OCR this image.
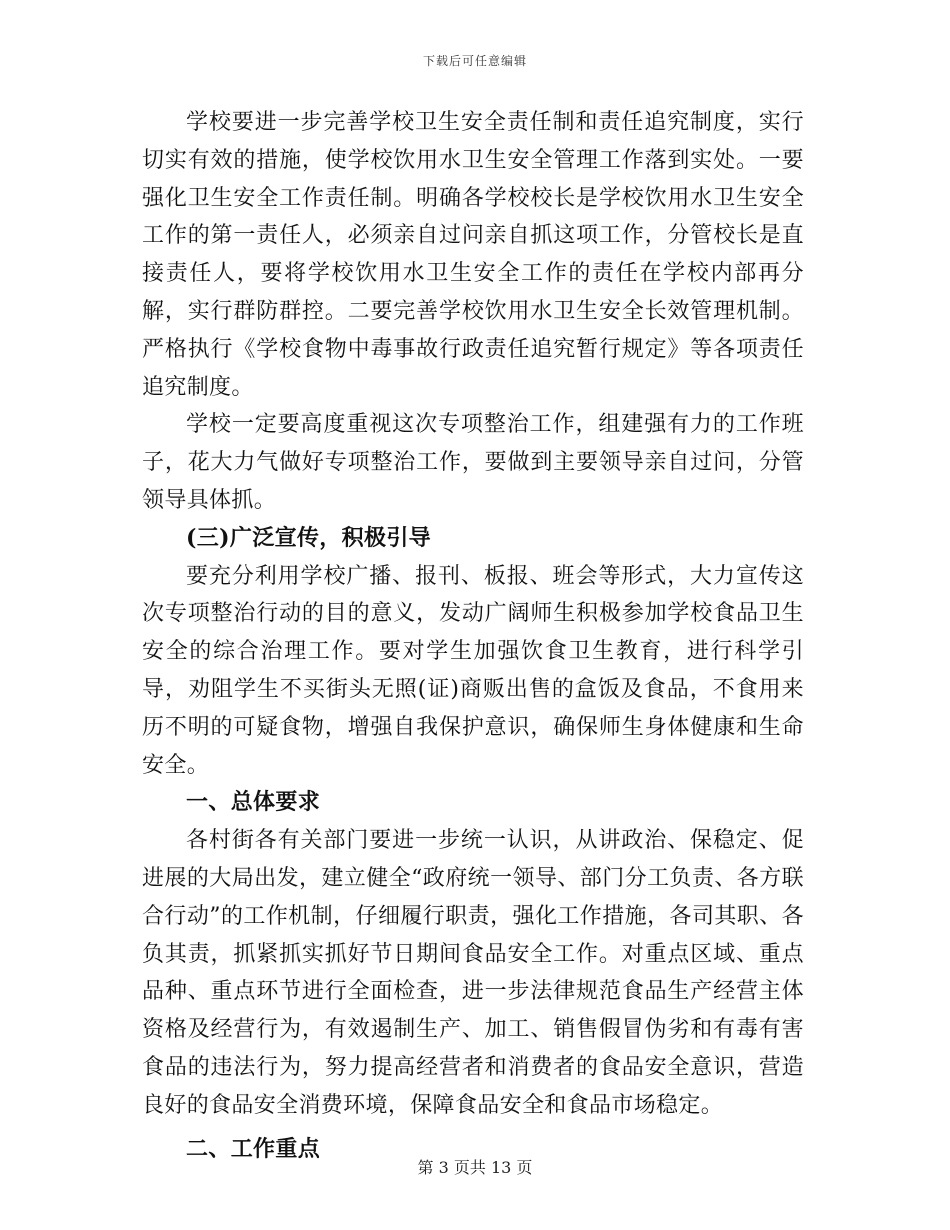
下载后可任意编辑

学校要进一步完善学校卫生安全责任制和责任追究制度，实行切实有效的措施，使学校饮用水卫生安全管理工作落到实处。一要强化卫生安全工作责任制。明确各学校校长是学校饮用水卫生安全工作的第一责任人，必须亲自过问亲自抓这项工作，分管校长是直接责任人，要将学校饮用水卫生安全工作的责任在学校内部再分解，实行群防群控。二要完善学校饮用水卫生安全长效管理机制。严格执行《学校食物中毒事故行政责任追究暂行规定》等各项责任追究制度。

学校一定要高度重视这次专项整治工作，组建强有力的工作班子，花大力气做好专项整治工作，要做到主要领导亲自过问，分管领导具体抓。

(三)广泛宣传，积极引导

要充分利用学校广播、报刊、板报、班会等形式，大力宣传这次专项整治行动的目的意义，发动广阔师生积极参加学校食品卫生安全的综合治理工作。要对学生加强饮食卫生教育，进行科学引导，劝阻学生不买街头无照(证)商贩出售的盒饭及食品，不食用来历不明的可疑食物，增强自我保护意识，确保师生身体健康和生命安全。

一、总体要求

各村街各有关部门要进一步统一认识，从讲政治、保稳定、促进展的大局出发，建立健全“政府统一领导、部门分工负责、各方联合行动”的工作机制，仔细履行职责，强化工作措施，各司其职、各负其责，抓紧抓实抓好节日期间食品安全工作。对重点区域、重点品种、重点环节进行全面检查，进一步法律规范食品生产经营主体资格及经营行为，有效遏制生产、加工、销售假冒伪劣和有毒有害食品的违法行为，努力提高经营者和消费者的食品安全意识，营造良好的食品安全消费环境，保障食品安全和食品市场稳定。

二、工作重点

第 3 页共 13 页
